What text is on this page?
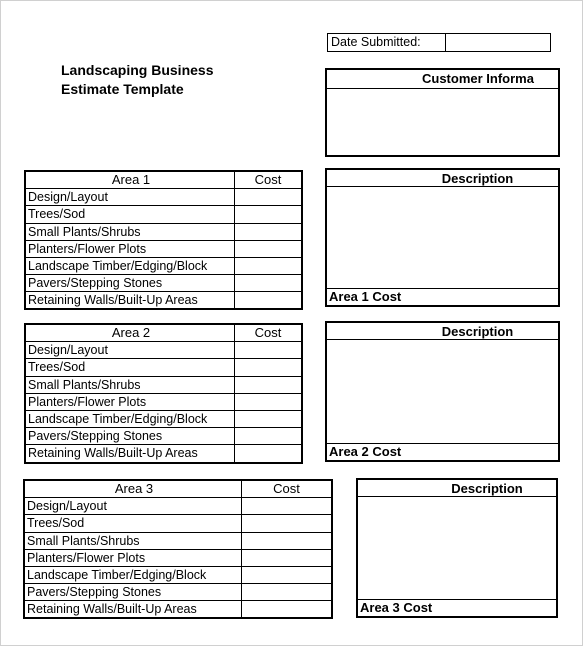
Date Submitted:
Landscaping Business
Estimate Template
Customer Informa
Area 1	Cost
Design/Layout
Trees/Sod
Small Plants/Shrubs
Planters/Flower Plots
Landscape Timber/Edging/Block
Pavers/Stepping Stones
Retaining Walls/Built-Up Areas
Description
Area 1 Cost
Area 2	Cost
Design/Layout
Trees/Sod
Small Plants/Shrubs
Planters/Flower Plots
Landscape Timber/Edging/Block
Pavers/Stepping Stones
Retaining Walls/Built-Up Areas
Description
Area 2 Cost
Area 3	Cost
Design/Layout
Trees/Sod
Small Plants/Shrubs
Planters/Flower Plots
Landscape Timber/Edging/Block
Pavers/Stepping Stones
Retaining Walls/Built-Up Areas
Description
Area 3 Cost
